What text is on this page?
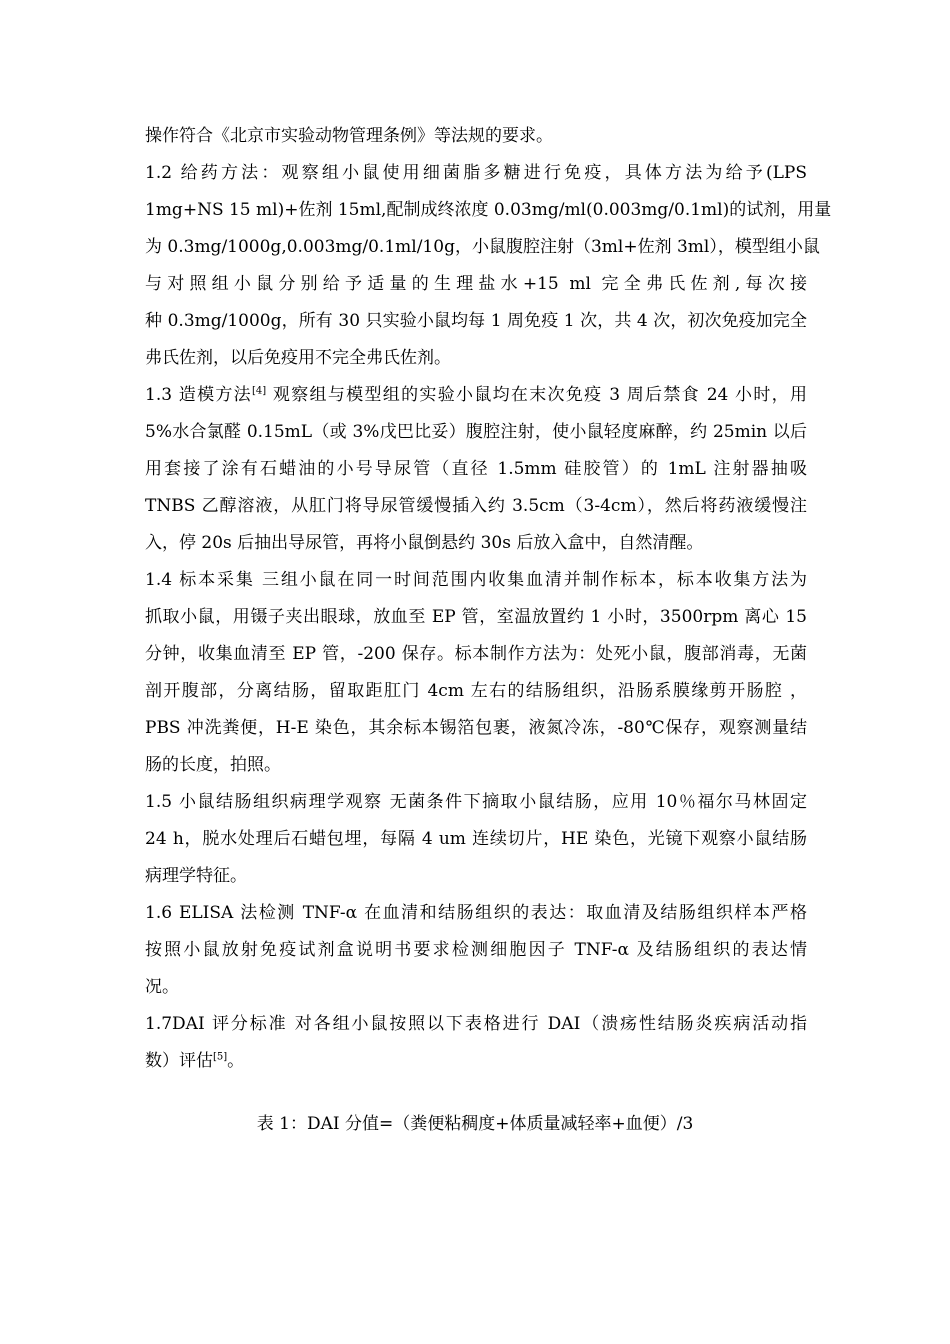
操作符合《北京市实验动物管理条例》等法规的要求。
1.2 给药方法：观察组小鼠使用细菌脂多糖进行免疫，具体方法为给予(LPS
1mg+NS 15 ml)+佐剂 15ml,配制成终浓度 0.03mg/ml(0.003mg/0.1ml)的试剂，用量
为 0.3mg/1000g,0.003mg/0.1ml/10g，小鼠腹腔注射（3ml+佐剂 3ml），模型组小鼠
与对照组小鼠分别给予适量的生理盐水+15 ml 完全弗氏佐剂,每次接
种 0.3mg/1000g，所有 30 只实验小鼠均每 1 周免疫 1 次，共 4 次，初次免疫加完全
弗氏佐剂，以后免疫用不完全弗氏佐剂。
1.3 造模方法[4] 观察组与模型组的实验小鼠均在末次免疫 3 周后禁食 24 小时，用
5%水合氯醛 0.15mL（或 3%戊巴比妥）腹腔注射，使小鼠轻度麻醉，约 25min 以后
用套接了涂有石蜡油的小号导尿管（直径 1.5mm 硅胶管）的 1mL 注射器抽吸
TNBS 乙醇溶液，从肛门将导尿管缓慢插入约 3.5cm（3-4cm），然后将药液缓慢注
入，停 20s 后抽出导尿管，再将小鼠倒悬约 30s 后放入盒中，自然清醒。
1.4 标本采集 三组小鼠在同一时间范围内收集血清并制作标本，标本收集方法为
抓取小鼠，用镊子夹出眼球，放血至 EP 管，室温放置约 1 小时，3500rpm 离心 15
分钟，收集血清至 EP 管，-200 保存。标本制作方法为：处死小鼠，腹部消毒，无菌
剖开腹部，分离结肠，留取距肛门 4cm 左右的结肠组织，沿肠系膜缘剪开肠腔 ，
PBS 冲洗粪便，H-E 染色，其余标本锡箔包裹，液氮冷冻，-80℃保存，观察测量结
肠的长度，拍照。
1.5 小鼠结肠组织病理学观察 无菌条件下摘取小鼠结肠，应用 10％福尔马林固定
24 h，脱水处理后石蜡包埋，每隔 4 um 连续切片，HE 染色，光镜下观察小鼠结肠
病理学特征。
1.6 ELISA 法检测 TNF-α 在血清和结肠组织的表达：取血清及结肠组织样本严格
按照小鼠放射免疫试剂盒说明书要求检测细胞因子 TNF-α 及结肠组织的表达情
况。
1.7DAI 评分标准 对各组小鼠按照以下表格进行 DAI（溃疡性结肠炎疾病活动指
数）评估[5]。
表 1：DAI 分值=（粪便粘稠度+体质量减轻率+血便）/3
